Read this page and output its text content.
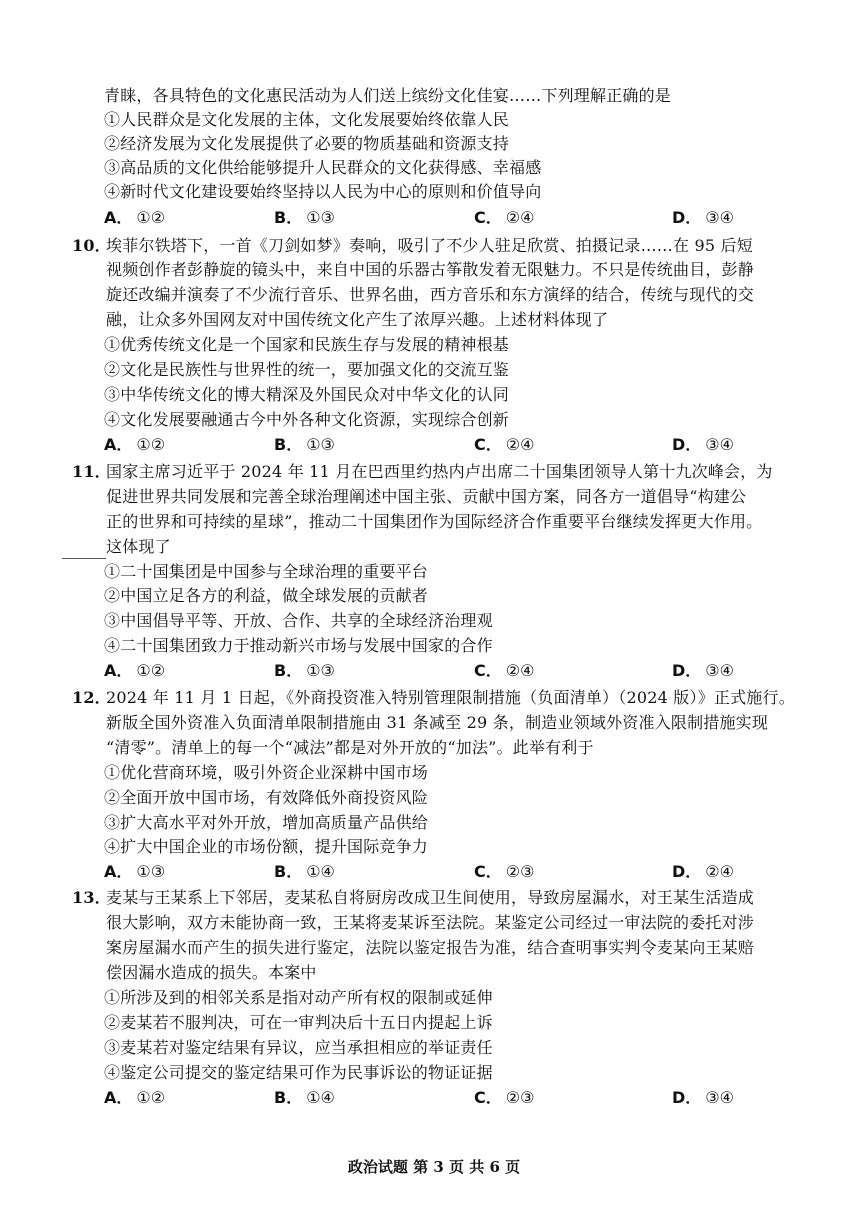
青睐，各具特色的文化惠民活动为人们送上缤纷文化佳宴……下列理解正确的是
①人民群众是文化发展的主体，文化发展要始终依靠人民
②经济发展为文化发展提供了必要的物质基础和资源支持
③高品质的文化供给能够提升人民群众的文化获得感、幸福感
④新时代文化建设要始终坚持以人民为中心的原则和价值导向
A． ①②	B． ①③	C． ②④	D． ③④
10．
埃菲尔铁塔下，一首《刀剑如梦》奏响，吸引了不少人驻足欣赏、拍摄记录……在 95 后短
视频创作者彭静旋的镜头中，来自中国的乐器古筝散发着无限魅力。不只是传统曲目，彭静
旋还改编并演奏了不少流行音乐、世界名曲，西方音乐和东方演绎的结合，传统与现代的交
融，让众多外国网友对中国传统文化产生了浓厚兴趣。上述材料体现了
①优秀传统文化是一个国家和民族生存与发展的精神根基
②文化是民族性与世界性的统一，要加强文化的交流互鉴
③中华传统文化的博大精深及外国民众对中华文化的认同
④文化发展要融通古今中外各种文化资源，实现综合创新
A． ①②	B． ①③	C． ②④	D． ③④
11．
国家主席习近平于 2024 年 11 月在巴西里约热内卢出席二十国集团领导人第十九次峰会，为
促进世界共同发展和完善全球治理阐述中国主张、贡献中国方案，同各方一道倡导“构建公
正的世界和可持续的星球”，推动二十国集团作为国际经济合作重要平台继续发挥更大作用。
这体现了
①二十国集团是中国参与全球治理的重要平台
②中国立足各方的利益，做全球发展的贡献者
③中国倡导平等、开放、合作、共享的全球经济治理观
④二十国集团致力于推动新兴市场与发展中国家的合作
A． ①②	B． ①③	C． ②④	D． ③④
12．
2024 年 11 月 1 日起，《外商投资准入特别管理限制措施（负面清单）（2024 版）》正式施行。
新版全国外资准入负面清单限制措施由 31 条减至 29 条，制造业领域外资准入限制措施实现
“清零”。清单上的每一个“减法”都是对外开放的“加法”。此举有利于
①优化营商环境，吸引外资企业深耕中国市场
②全面开放中国市场，有效降低外商投资风险
③扩大高水平对外开放，增加高质量产品供给
④扩大中国企业的市场份额，提升国际竞争力
A． ①③	B． ①④	C． ②③	D． ②④
13．
麦某与王某系上下邻居，麦某私自将厨房改成卫生间使用，导致房屋漏水，对王某生活造成
很大影响，双方未能协商一致，王某将麦某诉至法院。某鉴定公司经过一审法院的委托对涉
案房屋漏水而产生的损失进行鉴定，法院以鉴定报告为准，结合查明事实判令麦某向王某赔
偿因漏水造成的损失。本案中
①所涉及到的相邻关系是指对动产所有权的限制或延伸
②麦某若不服判决，可在一审判决后十五日内提起上诉
③麦某若对鉴定结果有异议，应当承担相应的举证责任
④鉴定公司提交的鉴定结果可作为民事诉讼的物证证据
A． ①②	B． ①④	C． ②③	D． ③④
政治试题 第 3 页 共 6 页
